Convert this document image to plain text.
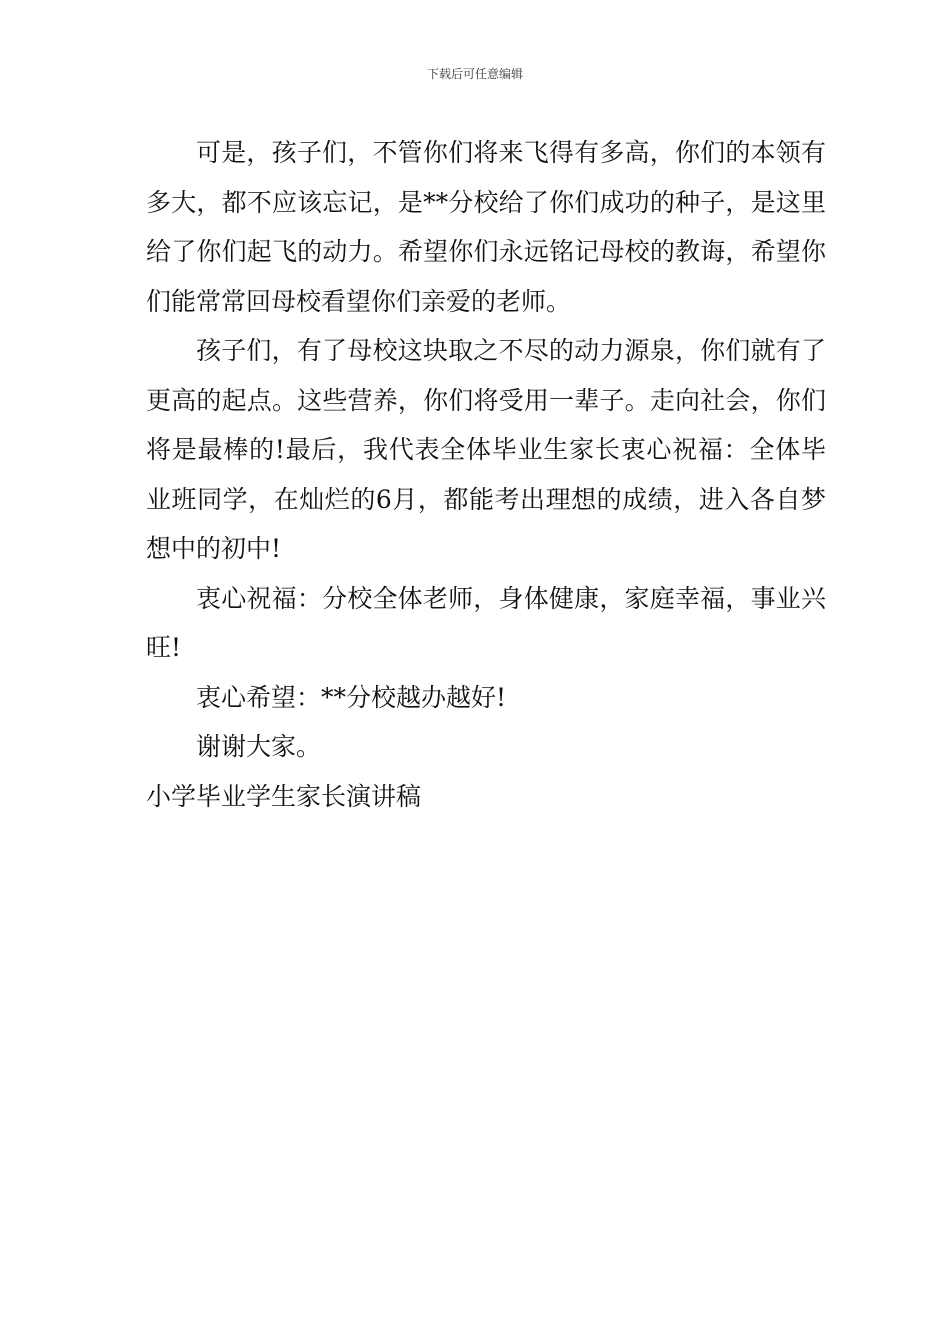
下载后可任意编辑

可是，孩子们，不管你们将来飞得有多高，你们的本领有多大，都不应该忘记，是**分校给了你们成功的种子，是这里给了你们起飞的动力。希望你们永远铭记母校的教诲，希望你们能常常回母校看望你们亲爱的老师。

孩子们，有了母校这块取之不尽的动力源泉，你们就有了更高的起点。这些营养，你们将受用一辈子。走向社会，你们将是最棒的!最后，我代表全体毕业生家长衷心祝福：全体毕业班同学，在灿烂的6月，都能考出理想的成绩，进入各自梦想中的初中!

衷心祝福：分校全体老师，身体健康，家庭幸福，事业兴旺!

衷心希望：**分校越办越好!

谢谢大家。

小学毕业学生家长演讲稿
